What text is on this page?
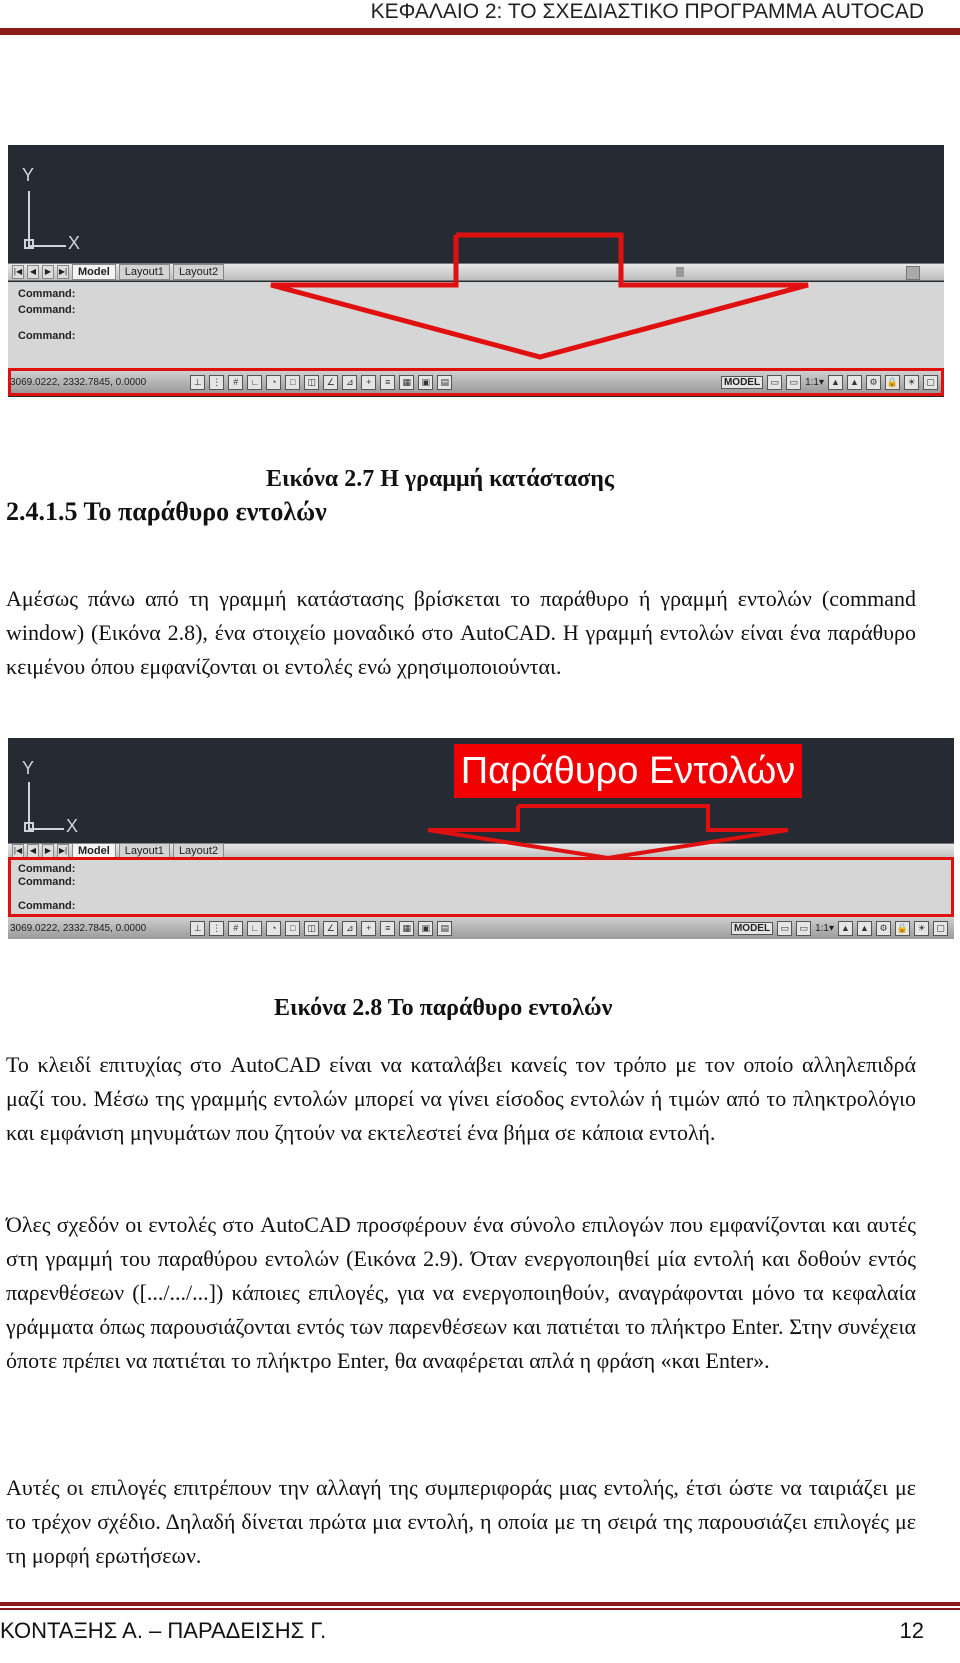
ΚΕΦΑΛΑΙΟ 2: ΤΟ ΣΧΕΔΙΑΣΤΙΚΟ ΠΡΟΓΡΑΜΜΑ AUTOCAD
Y
X
|◀ ◀	▶ ▶| Model	Layout1	Layout2
Command:
Command:
Command:
3069.0222, 2332.7845, 0.0000	⊥	⋮	#	∟	◔	□	◫	∠	⊿	+	≡	▦	▣	▤	MODEL	▭	▭ 1:1▾ ▲	▲	⚙	🔒	☀	▢
Εικόνα 2.7 Η γραμμή κατάστασης
2.4.1.5 Το παράθυρο εντολών

Αμέσως πάνω από τη γραμμή κατάστασης βρίσκεται το παράθυρο ή γραμμή εντολών (command window) (Εικόνα 2.8), ένα στοιχείο μοναδικό στο AutoCAD. Η γραμμή εντολών είναι ένα παράθυρο κειμένου όπου εμφανίζονται οι εντολές ενώ χρησιμοποιούνται.

Y
X
Παράθυρο Εντολών
|◀ ◀	▶ ▶| Model	Layout1	Layout2
Command:
Command:
Command:
3069.0222, 2332.7845, 0.0000	⊥	⋮	#	∟	◔	□	◫	∠	⊿	+	≡	▦	▣	▤	MODEL	▭	▭ 1:1▾ ▲	▲	⚙	🔒	☀	▢
Εικόνα 2.8 Το παράθυρο εντολών

Το κλειδί επιτυχίας στο AutoCAD είναι να καταλάβει κανείς τον τρόπο με τον οποίο αλληλεπιδρά μαζί του. Μέσω της γραμμής εντολών μπορεί να γίνει είσοδος εντολών ή τιμών από το πληκτρολόγιο και εμφάνιση μηνυμάτων που ζητούν να εκτελεστεί ένα βήμα σε κάποια εντολή.

Όλες σχεδόν οι εντολές στο AutoCAD προσφέρουν ένα σύνολο επιλογών που εμφανίζονται και αυτές στη γραμμή του παραθύρου εντολών (Εικόνα 2.9). Όταν ενεργοποιηθεί μία εντολή και δοθούν εντός παρενθέσεων ([.../.../...]) κάποιες επιλογές, για να ενεργοποιηθούν, αναγράφονται μόνο τα κεφαλαία γράμματα όπως παρουσιάζονται εντός των παρενθέσεων και πατιέται το πλήκτρο Enter. Στην συνέχεια όποτε πρέπει να πατιέται το πλήκτρο Enter, θα αναφέρεται απλά η φράση «και Enter».

Αυτές οι επιλογές επιτρέπουν την αλλαγή της συμπεριφοράς μιας εντολής, έτσι ώστε να ταιριάζει με το τρέχον σχέδιο. Δηλαδή δίνεται πρώτα μια εντολή, η οποία με τη σειρά της παρουσιάζει επιλογές με τη μορφή ερωτήσεων.

ΚΟΝΤΑΞΗΣ Α. – ΠΑΡΑΔΕΙΣΗΣ Γ.	12
